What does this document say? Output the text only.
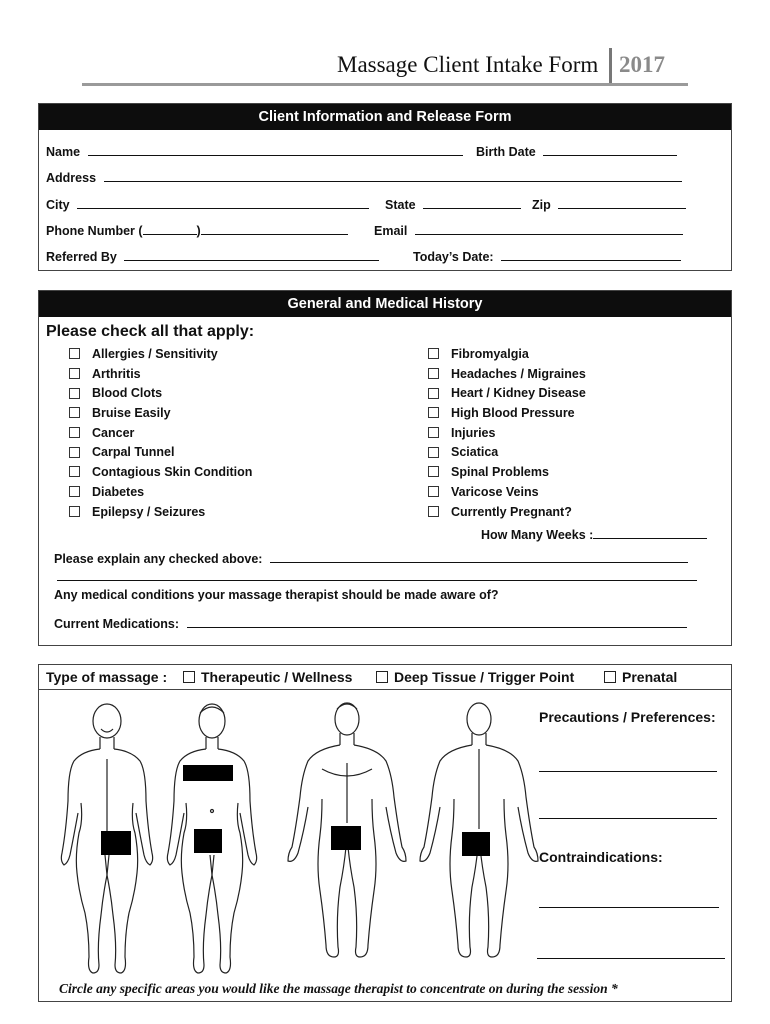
Massage Client Intake Form 2017
Client Information and Release Form
Name	Birth Date
Address
City	State	Zip
Phone Number (	)	Email
Referred By	Today’s Date:
General and Medical History
Please check all that apply:
Allergies / Sensitivity
Arthritis
Blood Clots
Bruise Easily
Cancer
Carpal Tunnel
Contagious Skin Condition
Diabetes
Epilepsy / Seizures
Fibromyalgia
Headaches / Migraines
Heart / Kidney Disease
High Blood Pressure
Injuries
Sciatica
Spinal Problems
Varicose Veins
Currently Pregnant?
How Many Weeks :
Please explain any checked above:
Any medical conditions your massage therapist should be made aware of?
Current Medications:
Type of massage :	Therapeutic / Wellness	Deep Tissue / Trigger Point	Prenatal
Precautions / Preferences:
Contraindications:
Circle any specific areas you would like the massage therapist to concentrate on during the session *
